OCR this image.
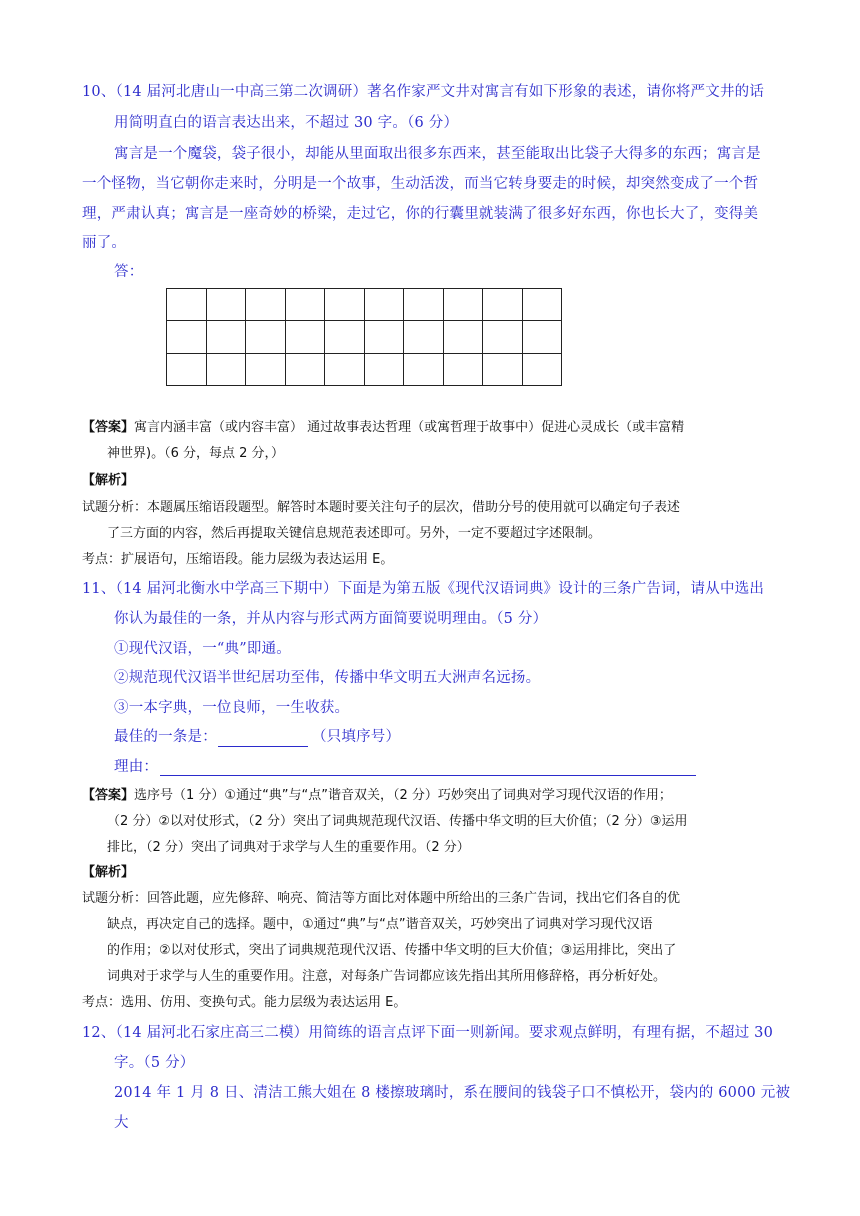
10、（14 届河北唐山一中高三第二次调研）著名作家严文井对寓言有如下形象的表述，请你将严文井的话
用简明直白的语言表达出来，不超过 30 字。（6 分）
寓言是一个魔袋，袋子很小，却能从里面取出很多东西来，甚至能取出比袋子大得多的东西；寓言是
一个怪物，当它朝你走来时，分明是一个故事，生动活泼，而当它转身要走的时候，却突然变成了一个哲
理，严肃认真；寓言是一座奇妙的桥梁，走过它，你的行囊里就装满了很多好东西，你也长大了，变得美
丽了。
答：

【答案】寓言内涵丰富（或内容丰富） 通过故事表达哲理（或寓哲理于故事中）促进心灵成长（或丰富精
神世界)。（6 分，每点 2 分，）
【解析】
试题分析：本题属压缩语段题型。解答时本题时要关注句子的层次，借助分号的使用就可以确定句子表述
了三方面的内容，然后再提取关键信息规范表述即可。另外，一定不要超过字述限制。
考点：扩展语句，压缩语段。能力层级为表达运用 E。
11、（14 届河北衡水中学高三下期中）下面是为第五版《现代汉语词典》设计的三条广告词，请从中选出
你认为最佳的一条，并从内容与形式两方面简要说明理由。（5 分）
①现代汉语，一“典”即通。
②规范现代汉语半世纪居功至伟，传播中华文明五大洲声名远扬。
③一本字典，一位良师，一生收获。
最佳的一条是：	（只填序号）
理由：
【答案】选序号（1 分）①通过“典”与“点”谐音双关，（2 分）巧妙突出了词典对学习现代汉语的作用；
（2 分）②以对仗形式，（2 分）突出了词典规范现代汉语、传播中华文明的巨大价值；（2 分）③运用
排比，（2 分）突出了词典对于求学与人生的重要作用。（2 分）
【解析】
试题分析：回答此题，应先修辞、响亮、简洁等方面比对体题中所给出的三条广告词，找出它们各自的优
缺点，再决定自己的选择。题中，①通过“典”与“点”谐音双关，巧妙突出了词典对学习现代汉语
的作用；②以对仗形式，突出了词典规范现代汉语、传播中华文明的巨大价值；③运用排比，突出了
词典对于求学与人生的重要作用。注意，对每条广告词都应该先指出其所用修辞格，再分析好处。
考点：选用、仿用、变换句式。能力层级为表达运用 E。
12、（14 届河北石家庄高三二模）用简练的语言点评下面一则新闻。要求观点鲜明，有理有据，不超过 30
字。（5 分）
2014 年 1 月 8 日、清洁工熊大姐在 8 楼擦玻璃时，系在腰间的钱袋子口不慎松开，袋内的 6000 元被
大
